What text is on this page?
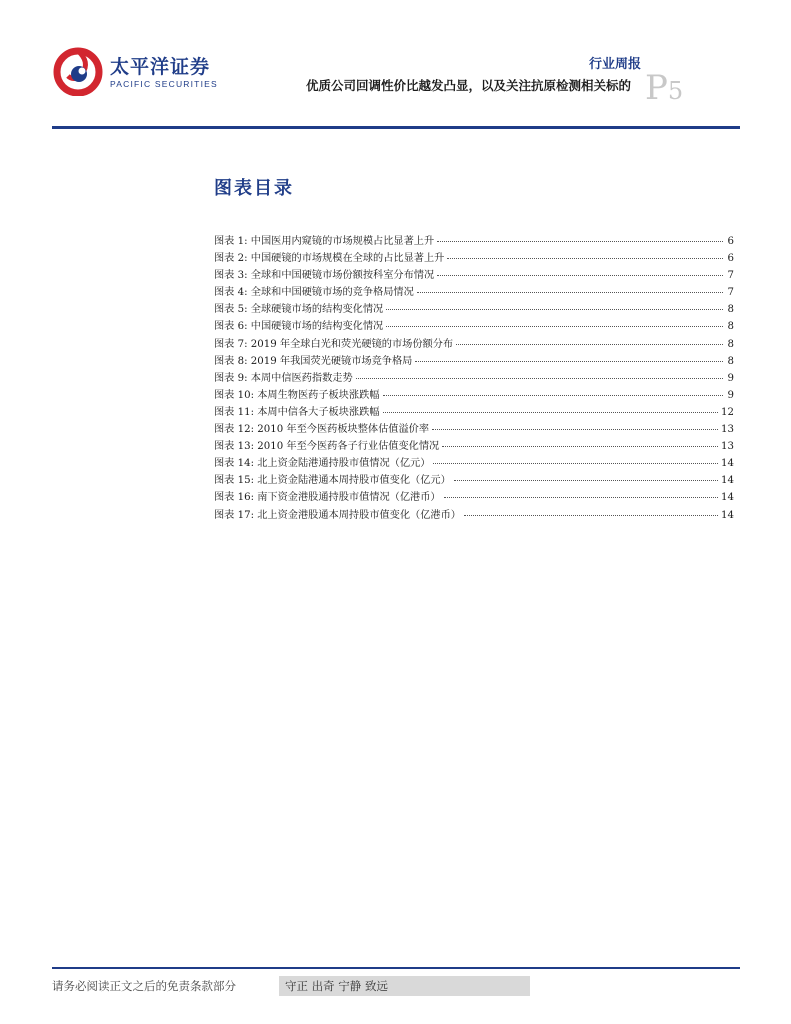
太平洋证券
PACIFIC SECURITIES
行业周报
优质公司回调性价比越发凸显，以及关注抗原检测相关标的 P5
图表目录
图表 1: 中国医用内窥镜的市场规模占比显著上升	6
图表 2: 中国硬镜的市场规模在全球的占比显著上升	6
图表 3: 全球和中国硬镜市场份额按科室分布情况	7
图表 4: 全球和中国硬镜市场的竞争格局情况	7
图表 5: 全球硬镜市场的结构变化情况	8
图表 6: 中国硬镜市场的结构变化情况	8
图表 7: 2019 年全球白光和荧光硬镜的市场份额分布	8
图表 8: 2019 年我国荧光硬镜市场竞争格局	8
图表 9: 本周中信医药指数走势	9
图表 10: 本周生物医药子板块涨跌幅	9
图表 11: 本周中信各大子板块涨跌幅	12
图表 12: 2010 年至今医药板块整体估值溢价率	13
图表 13: 2010 年至今医药各子行业估值变化情况	13
图表 14: 北上资金陆港通持股市值情况（亿元）	14
图表 15: 北上资金陆港通本周持股市值变化（亿元）	14
图表 16: 南下资金港股通持股市值情况（亿港币）	14
图表 17: 北上资金港股通本周持股市值变化（亿港币）	14
请务必阅读正文之后的免责条款部分	守正 出奇 宁静 致远
